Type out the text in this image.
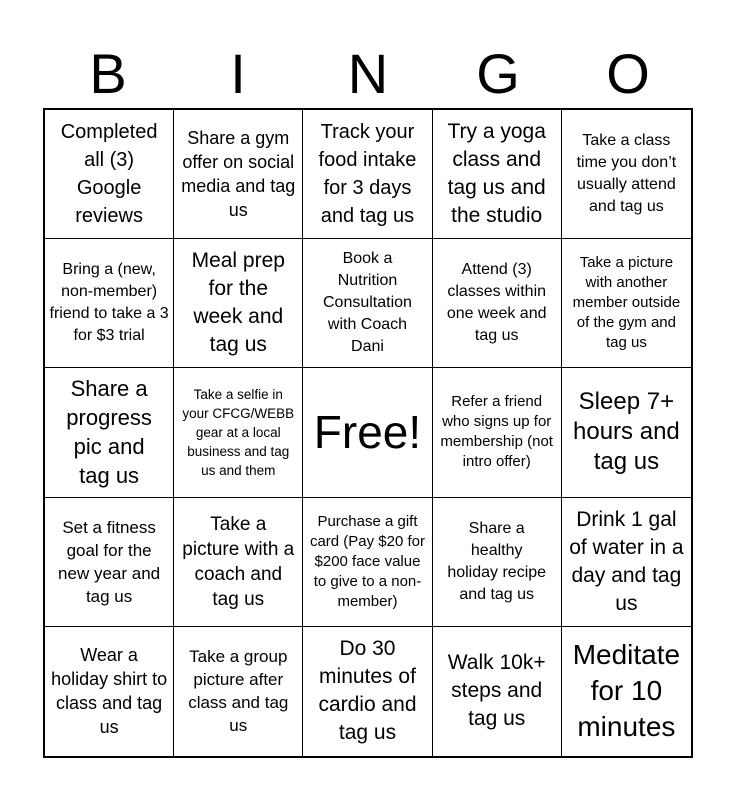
B	I	N	G	O
Completed all (3) Google reviews
Share a gym offer on social media and tag us
Track your food intake for 3 days and tag us
Try a yoga class and tag us and the studio
Take a class time you don’t usually attend and tag us
Bring a (new, non-member) friend to take a 3 for $3 trial
Meal prep for the week and tag us
Book a Nutrition Consultation with Coach Dani
Attend (3) classes within one week and tag us
Take a picture with another member outside of the gym and tag us
Share a progress pic and tag us
Take a selfie in your CFCG/WEBB gear at a local business and tag us and them
Free!
Refer a friend who signs up for membership (not intro offer)
Sleep 7+ hours and tag us
Set a fitness goal for the new year and tag us
Take a picture with a coach and tag us
Purchase a gift card (Pay $20 for $200 face value to give to a non-member)
Share a healthy holiday recipe and tag us
Drink 1 gal of water in a day and tag us
Wear a holiday shirt to class and tag us
Take a group picture after class and tag us
Do 30 minutes of cardio and tag us
Walk 10k+ steps and tag us
Meditate for 10 minutes
